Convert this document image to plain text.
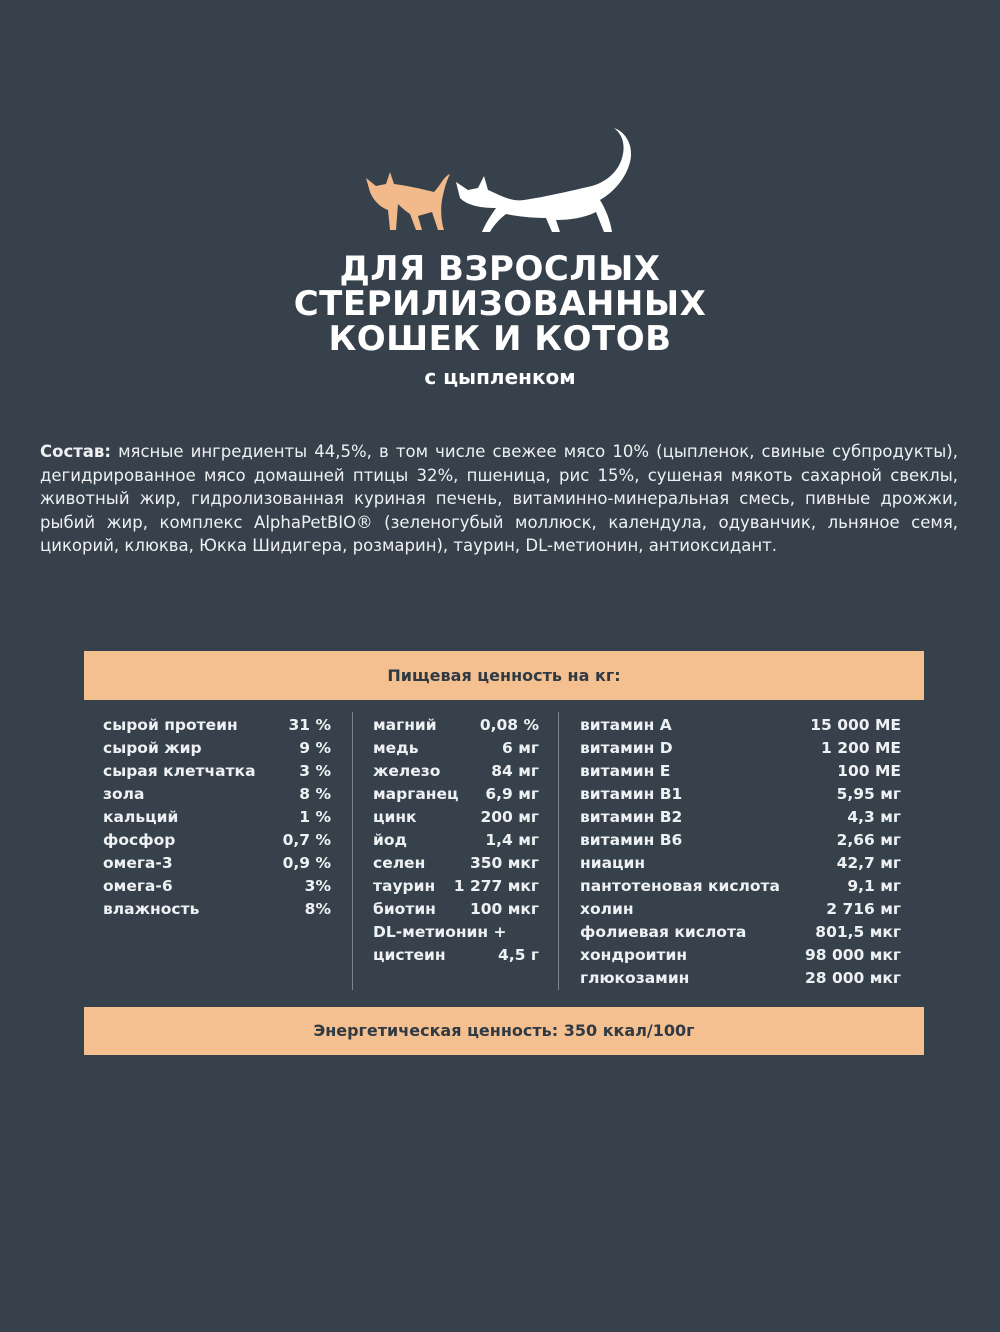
ДЛЯ ВЗРОСЛЫХ
СТЕРИЛИЗОВАННЫХ
КОШЕК И КОТОВ
с цыпленком
Состав: мясные ингредиенты 44,5%, в том числе свежее мясо 10% (цыпленок, свиные субпродукты), дегидрированное мясо домашней птицы 32%, пшеница, рис 15%, сушеная мякоть сахарной свеклы, животный жир, гидролизованная куриная печень, витаминно-минеральная смесь, пивные дрожжи, рыбий жир, комплекс AlphaPetBIO® (зеленогубый моллюск, календула, одуванчик, льняное семя, цикорий, клюква, Юкка Шидигера, розмарин), таурин, DL-метионин, антиоксидант.
Пищевая ценность на кг:
сырой протеин	31 %
сырой жир	9 %
сырая клетчатка	3 %
зола	8 %
кальций	1 %
фосфор	0,7 %
омега-3	0,9 %
омега-6	3%
влажность	8%
магний	0,08 %
медь	6 мг
железо	84 мг
марганец 6,9 мг
цинк	200 мг
йод	1,4 мг
селен	350 мкг
таурин 1 277 мкг
биотин 100 мкг
DL-метионин +
цистеин	4,5 г
витамин А	15 000 МЕ
витамин D	1 200 МЕ
витамин E	100 МЕ
витамин B1	5,95 мг
витамин B2	4,3 мг
витамин B6	2,66 мг
ниацин	42,7 мг
пантотеновая кислота	9,1 мг
холин	2 716 мг
фолиевая кислота	801,5 мкг
хондроитин	98 000 мкг
глюкозамин	28 000 мкг
Энергетическая ценность: 350 ккал/100г
